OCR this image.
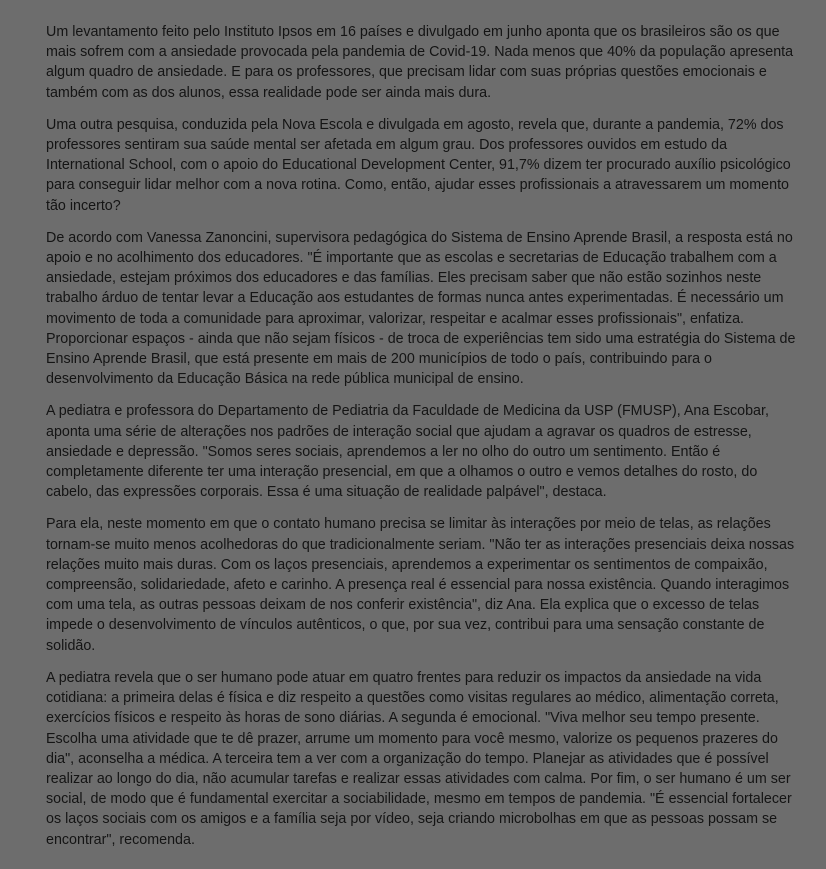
Um levantamento feito pelo Instituto Ipsos em 16 países e divulgado em junho aponta que os brasileiros são os que mais sofrem com a ansiedade provocada pela pandemia de Covid-19. Nada menos que 40% da população apresenta algum quadro de ansiedade. E para os professores, que precisam lidar com suas próprias questões emocionais e também com as dos alunos, essa realidade pode ser ainda mais dura.

Uma outra pesquisa, conduzida pela Nova Escola e divulgada em agosto, revela que, durante a pandemia, 72% dos professores sentiram sua saúde mental ser afetada em algum grau. Dos professores ouvidos em estudo da International School, com o apoio do Educational Development Center, 91,7% dizem ter procurado auxílio psicológico para conseguir lidar melhor com a nova rotina. Como, então, ajudar esses profissionais a atravessarem um momento tão incerto?

De acordo com Vanessa Zanoncini, supervisora pedagógica do Sistema de Ensino Aprende Brasil, a resposta está no apoio e no acolhimento dos educadores. "É importante que as escolas e secretarias de Educação trabalhem com a ansiedade, estejam próximos dos educadores e das famílias. Eles precisam saber que não estão sozinhos neste trabalho árduo de tentar levar a Educação aos estudantes de formas nunca antes experimentadas. É necessário um movimento de toda a comunidade para aproximar, valorizar, respeitar e acalmar esses profissionais", enfatiza. Proporcionar espaços - ainda que não sejam físicos - de troca de experiências tem sido uma estratégia do Sistema de Ensino Aprende Brasil, que está presente em mais de 200 municípios de todo o país, contribuindo para o desenvolvimento da Educação Básica na rede pública municipal de ensino.

A pediatra e professora do Departamento de Pediatria da Faculdade de Medicina da USP (FMUSP), Ana Escobar, aponta uma série de alterações nos padrões de interação social que ajudam a agravar os quadros de estresse, ansiedade e depressão. "Somos seres sociais, aprendemos a ler no olho do outro um sentimento. Então é completamente diferente ter uma interação presencial, em que a olhamos o outro e vemos detalhes do rosto, do cabelo, das expressões corporais. Essa é uma situação de realidade palpável", destaca.

Para ela, neste momento em que o contato humano precisa se limitar às interações por meio de telas, as relações tornam-se muito menos acolhedoras do que tradicionalmente seriam. "Não ter as interações presenciais deixa nossas relações muito mais duras. Com os laços presenciais, aprendemos a experimentar os sentimentos de compaixão, compreensão, solidariedade, afeto e carinho. A presença real é essencial para nossa existência. Quando interagimos com uma tela, as outras pessoas deixam de nos conferir existência", diz Ana. Ela explica que o excesso de telas impede o desenvolvimento de vínculos autênticos, o que, por sua vez, contribui para uma sensação constante de solidão.

A pediatra revela que o ser humano pode atuar em quatro frentes para reduzir os impactos da ansiedade na vida cotidiana: a primeira delas é física e diz respeito a questões como visitas regulares ao médico, alimentação correta, exercícios físicos e respeito às horas de sono diárias. A segunda é emocional. "Viva melhor seu tempo presente. Escolha uma atividade que te dê prazer, arrume um momento para você mesmo, valorize os pequenos prazeres do dia", aconselha a médica. A terceira tem a ver com a organização do tempo. Planejar as atividades que é possível realizar ao longo do dia, não acumular tarefas e realizar essas atividades com calma. Por fim, o ser humano é um ser social, de modo que é fundamental exercitar a sociabilidade, mesmo em tempos de pandemia. "É essencial fortalecer os laços sociais com os amigos e a família seja por vídeo, seja criando microbolhas em que as pessoas possam se encontrar", recomenda.
